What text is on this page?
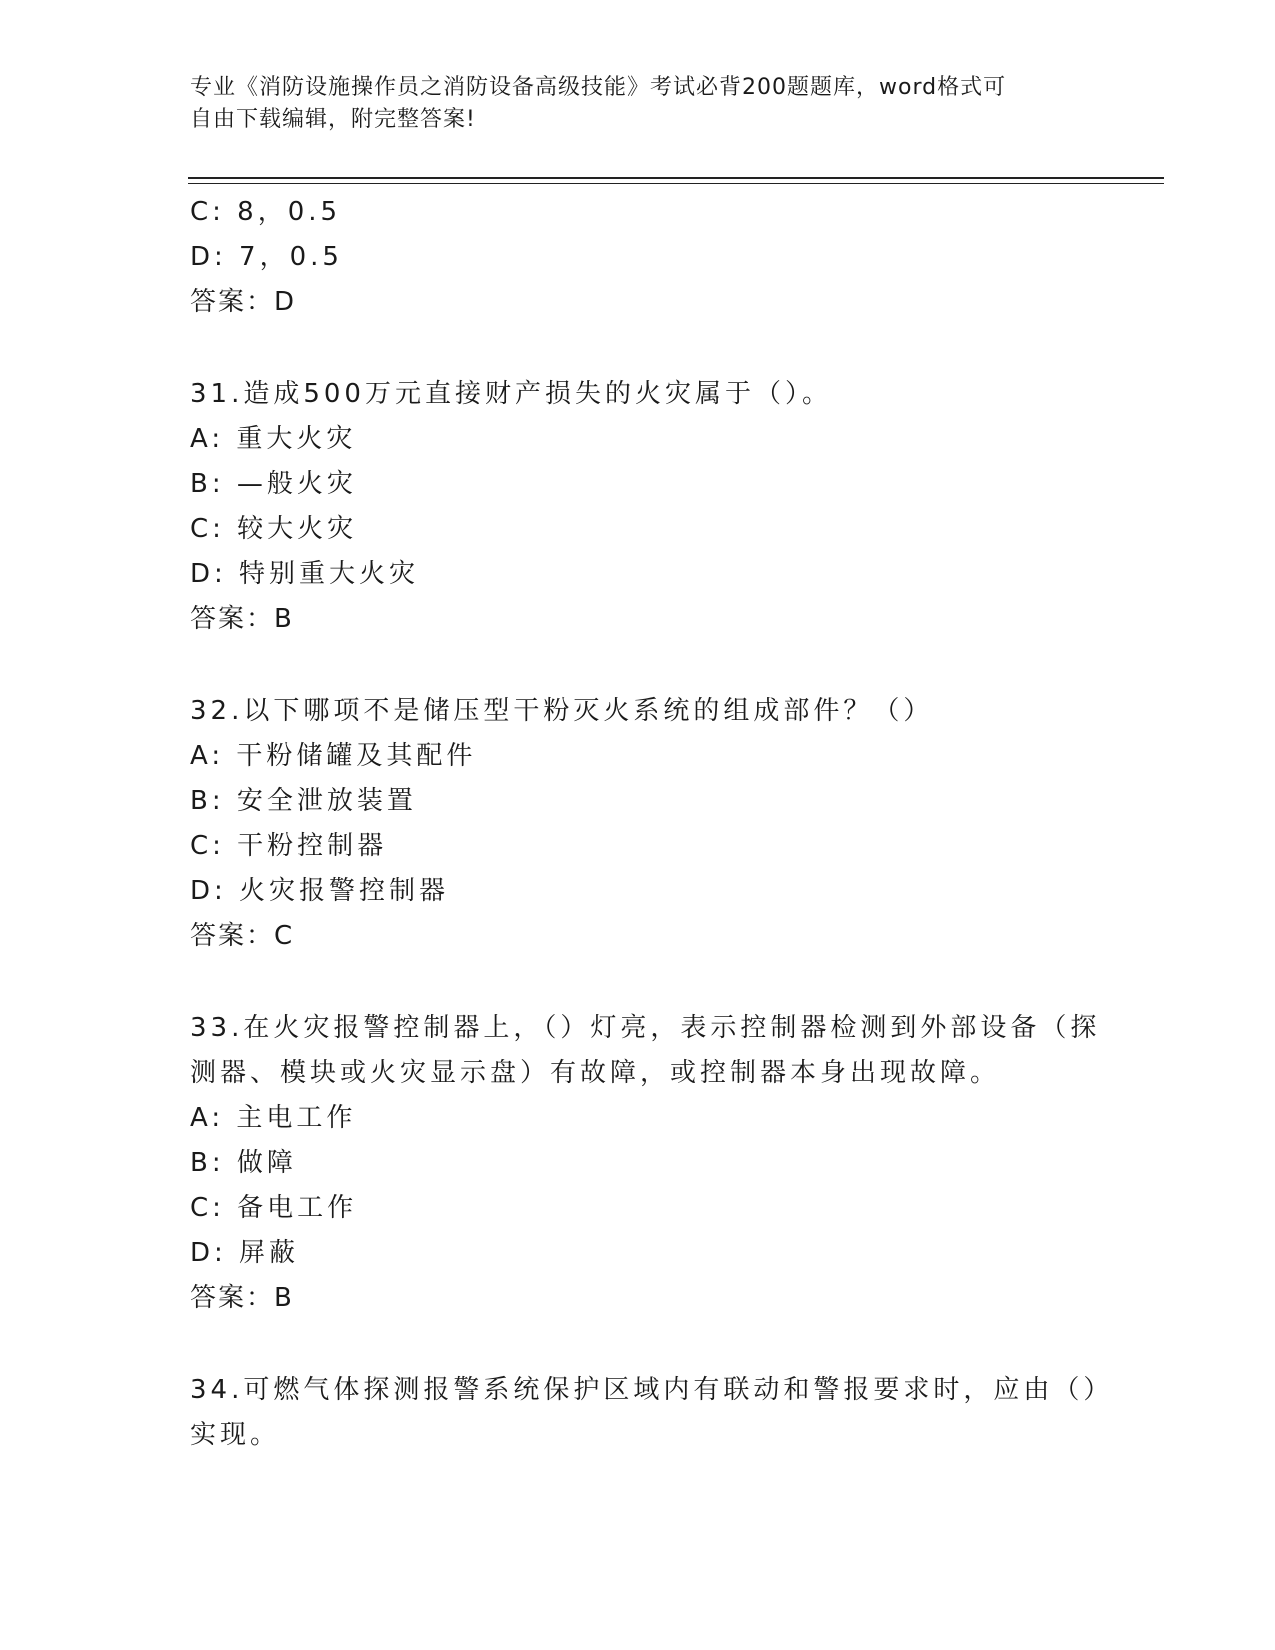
专业《消防设施操作员之消防设备高级技能》考试必背200题题库，word格式可
自由下载编辑，附完整答案!
C: 8，0.5
D: 7，0.5
答案：D
31.造成500万元直接财产损失的火灾属于（）。
A: 重大火灾
B: —般火灾
C: 较大火灾
D: 特别重大火灾
答案：B
32.以下哪项不是储压型干粉灭火系统的组成部件？（）
A: 干粉储罐及其配件
B: 安全泄放装置
C: 干粉控制器
D: 火灾报警控制器
答案：C
33.在火灾报警控制器上，（）灯亮，表示控制器检测到外部设备（探
测器、模块或火灾显示盘）有故障，或控制器本身出现故障。
A: 主电工作
B: 做障
C: 备电工作
D: 屏蔽
答案：B
34.可燃气体探测报警系统保护区域内有联动和警报要求时，应由（）
实现。
